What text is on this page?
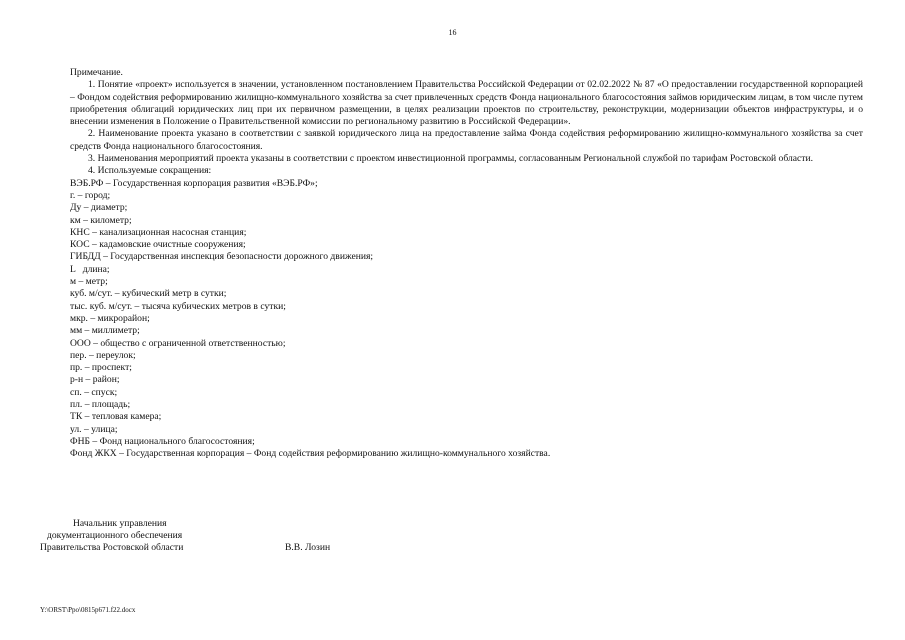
16

Примечание.

1. Понятие «проект» используется в значении, установленном постановлением Правительства Российской Федерации от 02.02.2022 № 87 «О предоставлении государственной корпорацией – Фондом содействия реформированию жилищно-коммунального хозяйства за счет привлеченных средств Фонда национального благосостояния займов юридическим лицам, в том числе путем приобретения облигаций юридических лиц при их первичном размещении, в целях реализации проектов по строительству, реконструкции, модернизации объектов инфраструктуры, и о внесении изменения в Положение о Правительственной комиссии по региональному развитию в Российской Федерации».

2. Наименование проекта указано в соответствии с заявкой юридического лица на предоставление займа Фонда содействия реформированию жилищно-коммунального хозяйства за счет средств Фонда национального благосостояния.

3. Наименования мероприятий проекта указаны в соответствии с проектом инвестиционной программы, согласованным Региональной службой по тарифам Ростовской области.

4. Используемые сокращения:

ВЭБ.РФ – Государственная корпорация развития «ВЭБ.РФ»;
г. – город;
Ду – диаметр;
км – километр;
КНС – канализационная насосная станция;
КОС – кадамовские очистные сооружения;
ГИБДД – Государственная инспекция безопасности дорожного движения;
L   длина;
м – метр;
куб. м/сут. – кубический метр в сутки;
тыс. куб. м/сут. – тысяча кубических метров в сутки;
мкр. – микрорайон;
мм – миллиметр;
ООО – общество с ограниченной ответственностью;
пер. – переулок;
пр. – проспект;
р-н – район;
сп. – спуск;
пл. – площадь;
ТК – тепловая камера;
ул. – улица;
ФНБ – Фонд национального благосостояния;
Фонд ЖКХ – Государственная корпорация – Фонд содействия реформированию жилищно-коммунального хозяйства.
Начальник управления
документационного обеспечения
Правительства Ростовской области	В.В. Лозин
Y:\ORST\Ppo\0815p671.f22.docx
